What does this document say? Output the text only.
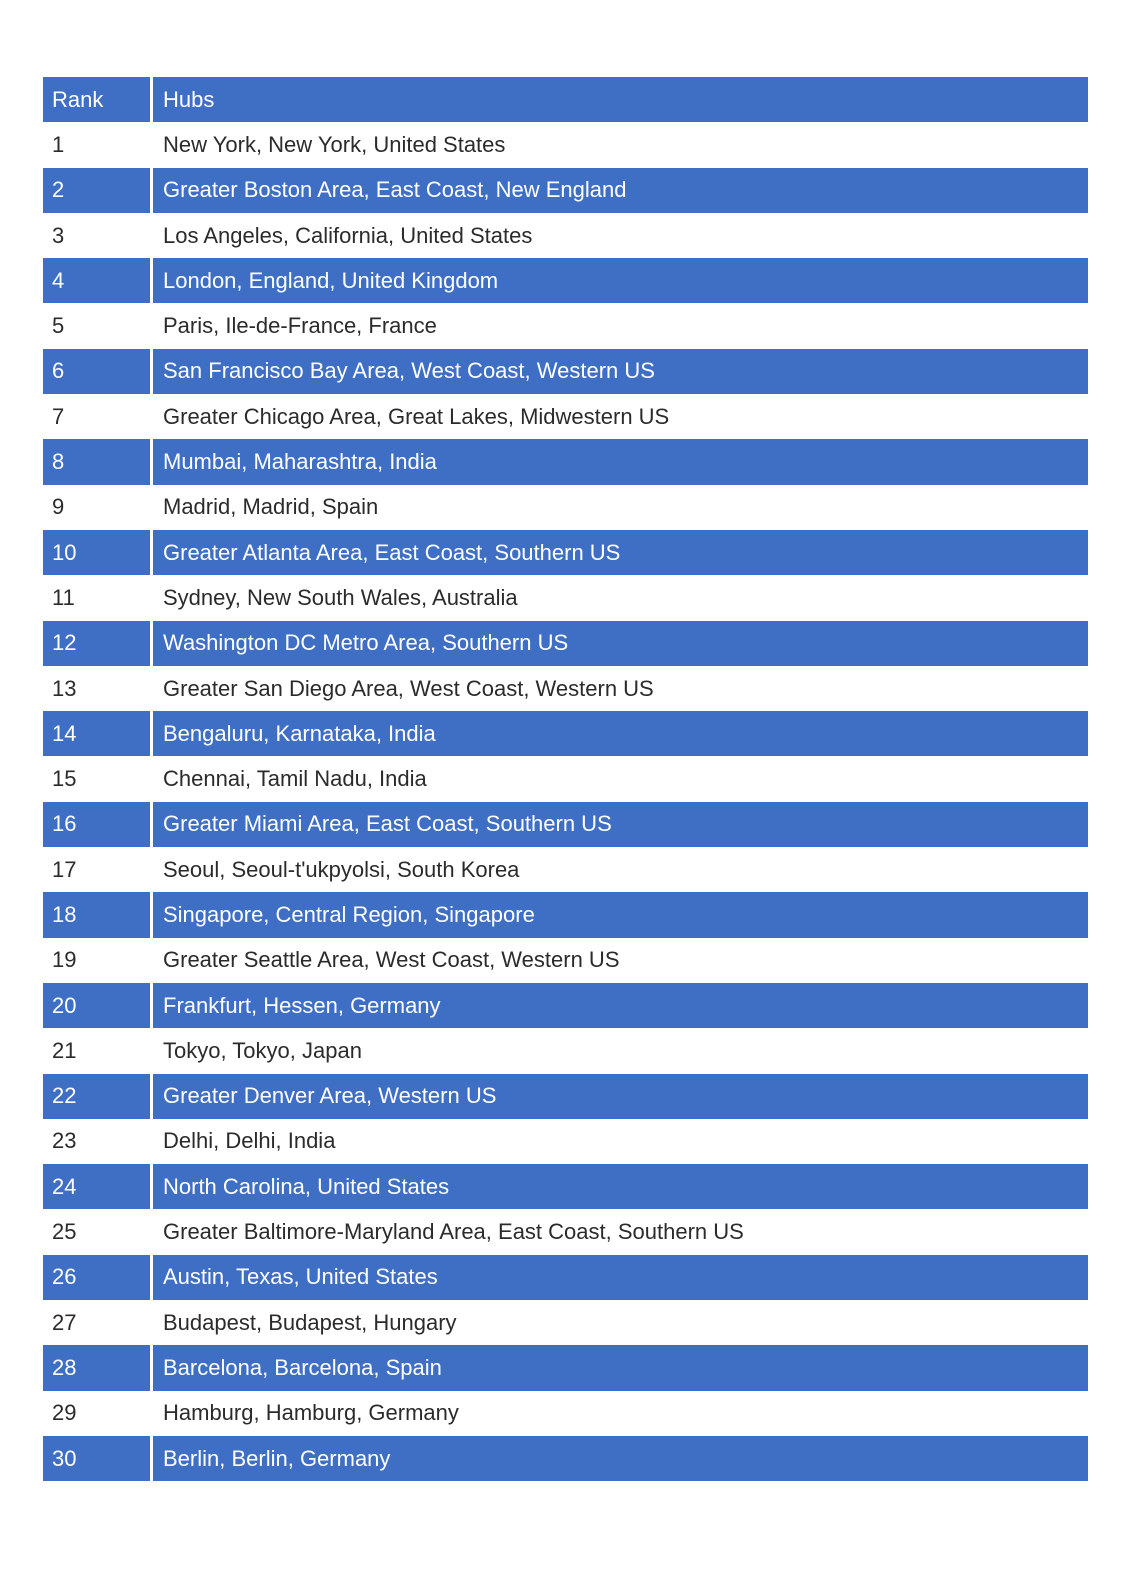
Rank	Hubs
1	New York, New York, United States
2	Greater Boston Area, East Coast, New England
3	Los Angeles, California, United States
4	London, England, United Kingdom
5	Paris, Ile-de-France, France
6	San Francisco Bay Area, West Coast, Western US
7	Greater Chicago Area, Great Lakes, Midwestern US
8	Mumbai, Maharashtra, India
9	Madrid, Madrid, Spain
10	Greater Atlanta Area, East Coast, Southern US
11	Sydney, New South Wales, Australia
12	Washington DC Metro Area, Southern US
13	Greater San Diego Area, West Coast, Western US
14	Bengaluru, Karnataka, India
15	Chennai, Tamil Nadu, India
16	Greater Miami Area, East Coast, Southern US
17	Seoul, Seoul-t'ukpyolsi, South Korea
18	Singapore, Central Region, Singapore
19	Greater Seattle Area, West Coast, Western US
20	Frankfurt, Hessen, Germany
21	Tokyo, Tokyo, Japan
22	Greater Denver Area, Western US
23	Delhi, Delhi, India
24	North Carolina, United States
25	Greater Baltimore-Maryland Area, East Coast, Southern US
26	Austin, Texas, United States
27	Budapest, Budapest, Hungary
28	Barcelona, Barcelona, Spain
29	Hamburg, Hamburg, Germany
30	Berlin, Berlin, Germany
